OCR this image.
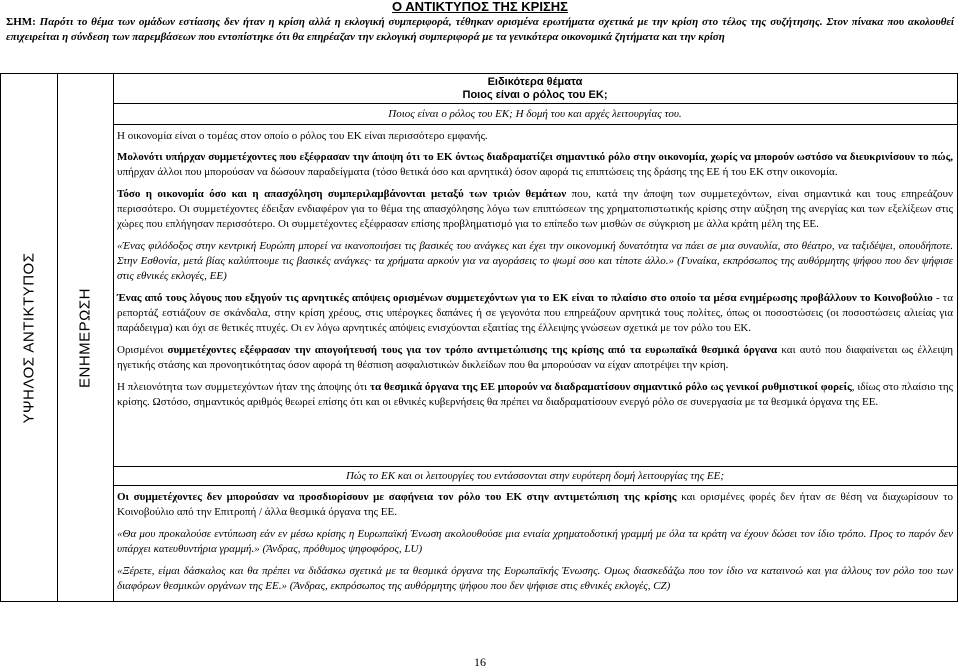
Ο ΑΝΤΙΚΤΥΠΟΣ ΤΗΣ ΚΡΙΣΗΣ
ΣΗΜ: Παρότι το θέμα των ομάδων εστίασης δεν ήταν η κρίση αλλά η εκλογική συμπεριφορά, τέθηκαν ορισμένα ερωτήματα σχετικά με την κρίση στο τέλος της συζήτησης. Στον πίνακα που ακολουθεί επιχειρείται η σύνδεση των παρεμβάσεων που εντοπίστηκε ότι θα επηρέαζαν την εκλογική συμπεριφορά με τα γενικότερα οικονομικά ζητήματα και την κρίση
ΥΨΗΛΟΣ ΑΝΤΙΚΤΥΠΟΣ	ΕΝΗΜΕΡΩΣΗ
Ειδικότερα θέματα
Ποιος είναι ο ρόλος του ΕΚ;
Ποιος είναι ο ρόλος του ΕΚ; Η δομή του και αρχές λειτουργίας του.

Η οικονομία είναι ο τομέας στον οποίο ο ρόλος του ΕΚ είναι περισσότερο εμφανής.

Μολονότι υπήρχαν συμμετέχοντες που εξέφρασαν την άποψη ότι το ΕΚ όντως διαδραματίζει σημαντικό ρόλο στην οικονομία, χωρίς να μπορούν ωστόσο να διευκρινίσουν το πώς, υπήρχαν άλλοι που μπορούσαν να δώσουν παραδείγματα (τόσο θετικά όσο και αρνητικά) όσον αφορά τις επιπτώσεις της δράσης της ΕΕ ή του ΕΚ στην οικονομία.

Τόσο η οικονομία όσο και η απασχόληση συμπεριλαμβάνονται μεταξύ των τριών θεμάτων που, κατά την άποψη των συμμετεχόντων, είναι σημαντικά και τους επηρεάζουν περισσότερο. Οι συμμετέχοντες έδειξαν ενδιαφέρον για το θέμα της απασχόλησης λόγω των επιπτώσεων της χρηματοπιστωτικής κρίσης στην αύξηση της ανεργίας και των εξελίξεων στις χώρες που επλήγησαν περισσότερο. Οι συμμετέχοντες εξέφρασαν επίσης προβληματισμό για το επίπεδο των μισθών σε σύγκριση με άλλα κράτη μέλη της ΕΕ.

«Ένας φιλόδοξος στην κεντρική Ευρώπη μπορεί να ικανοποιήσει τις βασικές του ανάγκες και έχει την οικονομική δυνατότητα να πάει σε μια συναυλία, στο θέατρο, να ταξιδέψει, οπουδήποτε. Στην Εσθονία, μετά βίας καλύπτουμε τις βασικές ανάγκες· τα χρήματα αρκούν για να αγοράσεις το ψωμί σου και τίποτε άλλο.» (Γυναίκα, εκπρόσωπος της αυθόρμητης ψήφου που δεν ψήφισε στις εθνικές εκλογές, EE)

Ένας από τους λόγους που εξηγούν τις αρνητικές απόψεις ορισμένων συμμετεχόντων για το ΕΚ είναι το πλαίσιο στο οποίο τα μέσα ενημέρωσης προβάλλουν το Κοινοβούλιο - τα ρεπορτάζ εστιάζουν σε σκάνδαλα, στην κρίση χρέους, στις υπέρογκες δαπάνες ή σε γεγονότα που επηρεάζουν αρνητικά τους πολίτες, όπως οι ποσοστώσεις (οι ποσοστώσεις αλιείας για παράδειγμα) και όχι σε θετικές πτυχές. Οι εν λόγω αρνητικές απόψεις ενισχύονται εξαιτίας της έλλειψης γνώσεων σχετικά με τον ρόλο του ΕΚ.

Ορισμένοι συμμετέχοντες εξέφρασαν την απογοήτευσή τους για τον τρόπο αντιμετώπισης της κρίσης από τα ευρωπαϊκά θεσμικά όργανα και αυτό που διαφαίνεται ως έλλειψη ηγετικής στάσης και προνοητικότητας όσον αφορά τη θέσπιση ασφαλιστικών δικλείδων που θα μπορούσαν να είχαν αποτρέψει την κρίση.

Η πλειονότητα των συμμετεχόντων ήταν της άποψης ότι τα θεσμικά όργανα της ΕΕ μπορούν να διαδραματίσουν σημαντικό ρόλο ως γενικοί ρυθμιστικοί φορείς, ιδίως στο πλαίσιο της κρίσης. Ωστόσο, σημαντικός αριθμός θεωρεί επίσης ότι και οι εθνικές κυβερνήσεις θα πρέπει να διαδραματίσουν ενεργό ρόλο σε συνεργασία με τα θεσμικά όργανα της ΕΕ.

Πώς το ΕΚ και οι λειτουργίες του εντάσσονται στην ευρύτερη δομή λειτουργίας της ΕΕ;

Οι συμμετέχοντες δεν μπορούσαν να προσδιορίσουν με σαφήνεια τον ρόλο του ΕΚ στην αντιμετώπιση της κρίσης και ορισμένες φορές δεν ήταν σε θέση να διαχωρίσουν το Κοινοβούλιο από την Επιτροπή / άλλα θεσμικά όργανα της ΕΕ.

«Θα μου προκαλούσε εντύπωση εάν εν μέσω κρίσης η Ευρωπαϊκή Ένωση ακολουθούσε μια ενιαία χρηματοδοτική γραμμή με όλα τα κράτη να έχουν δώσει τον ίδιο τρόπο. Προς το παρόν δεν υπάρχει κατευθυντήρια γραμμή.» (Άνδρας, πρόθυμος ψηφοφόρος, LU)

«Ξέρετε, είμαι δάσκαλος και θα πρέπει να διδάσκω σχετικά με τα θεσμικά όργανα της Ευρωπαϊκής Ένωσης. Ομως διασκεδάζω που τον ίδιο να καταινοώ και για άλλους τον ρόλο του των διαφόρων θεσμικών οργάνων της ΕΕ.» (Άνδρας, εκπρόσωπος της αυθόρμητης ψήφου που δεν ψήφισε στις εθνικές εκλογές, CZ)

16
